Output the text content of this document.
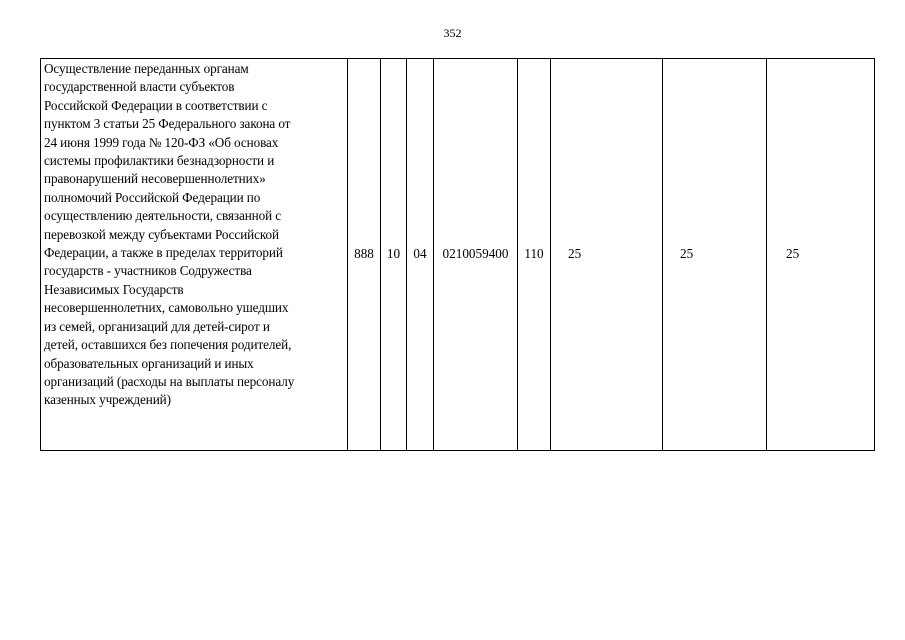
352
Осуществление переданных органам
государственной власти субъектов
Российской Федерации в соответствии с
пунктом 3 статьи 25 Федерального закона от
24 июня 1999 года № 120-ФЗ «Об основах
системы профилактики безнадзорности и
правонарушений несовершеннолетних»
полномочий Российской Федерации по
осуществлению деятельности, связанной с
перевозкой между субъектами Российской
Федерации, а также в пределах территорий
государств - участников Содружества
Независимых Государств
несовершеннолетних, самовольно ушедших
из семей, организаций для детей-сирот и
детей, оставшихся без попечения родителей,
образовательных организаций и иных
организаций (расходы на выплаты персоналу
казенных учреждений)	888	10	04	0210059400	110	25	25	25
